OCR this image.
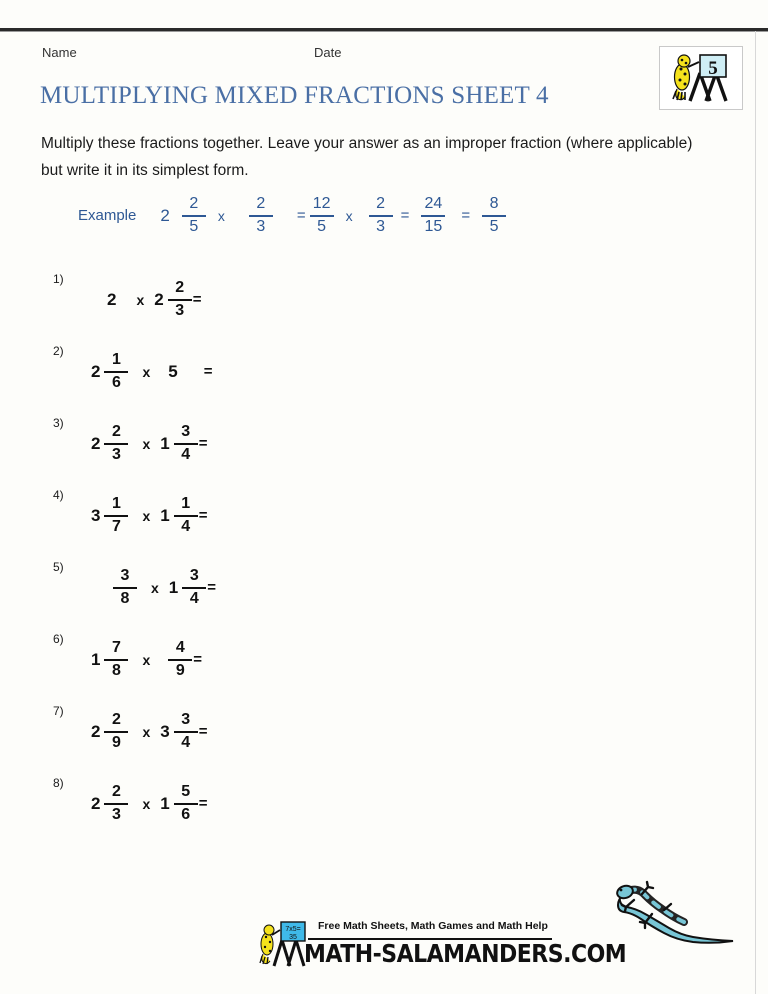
Name	Date
MULTIPLYING MIXED FRACTIONS SHEET 4
5
Multiply these fractions together. Leave your answer as an improper fraction (where applicable) but write it in its simplest form.
Example $2 \frac{2}{5}$ x $\frac{2}{3} = \frac{12}{5}$ x $\frac{2}{3} = \frac{24}{15} = \frac{8}{5}$
1)
2 x $2 \frac{2}{3}$ =
2)
$2 \frac{1}{6}$ x 5 =
3)
$2 \frac{2}{3}$ x $1 \frac{3}{4}$ =
4)
$3 \frac{1}{7}$ x $1 \frac{1}{4}$ =
5)
$\frac{3}{8}$ x $1 \frac{3}{4}$ =
6)
$1 \frac{7}{8}$ x $\frac{4}{9}$ =
7)
$2 \frac{2}{9}$ x $3 \frac{3}{4}$ =
8)
$2 \frac{2}{3}$ x $1 \frac{5}{6}$ =
7x5=
35
Free Math Sheets, Math Games and Math Help
MATH-SALAMANDERS.COM
